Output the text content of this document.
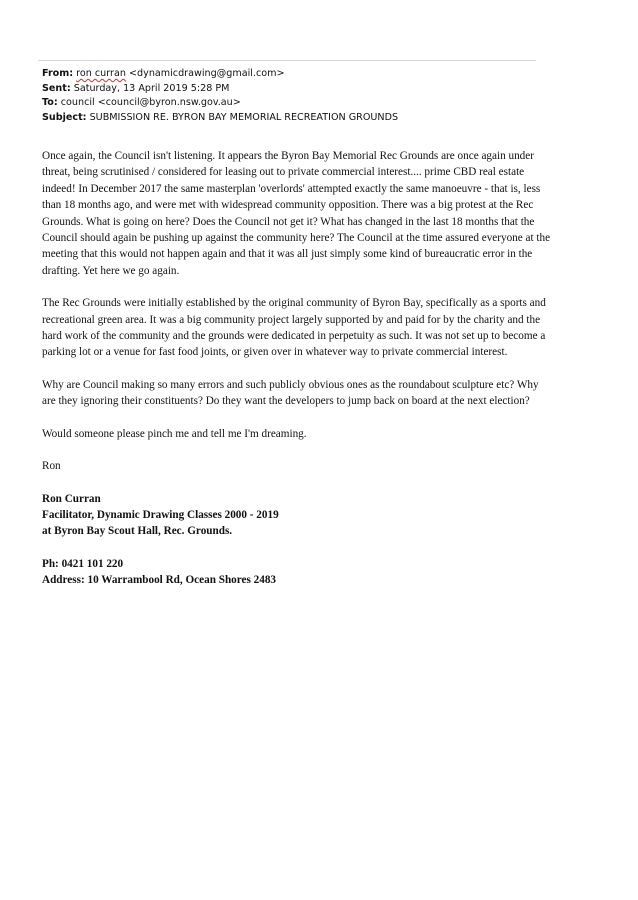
From: ron curran <dynamicdrawing@gmail.com>
Sent: Saturday, 13 April 2019 5:28 PM
To: council <council@byron.nsw.gov.au>
Subject: SUBMISSION RE. BYRON BAY MEMORIAL RECREATION GROUNDS

Once again, the Council isn't listening. It appears the Byron Bay Memorial Rec Grounds are once again under
threat, being scrutinised / considered for leasing out to private commercial interest.... prime CBD real estate
indeed! In December 2017 the same masterplan 'overlords' attempted exactly the same manoeuvre - that is, less
than 18 months ago, and were met with widespread community opposition. There was a big protest at the Rec
Grounds. What is going on here? Does the Council not get it? What has changed in the last 18 months that the
Council should again be pushing up against the community here? The Council at the time assured everyone at the
meeting that this would not happen again and that it was all just simply some kind of bureaucratic error in the
drafting. Yet here we go again.

The Rec Grounds were initially established by the original community of Byron Bay, specifically as a sports and
recreational green area. It was a big community project largely supported by and paid for by the charity and the
hard work of the community and the grounds were dedicated in perpetuity as such. It was not set up to become a
parking lot or a venue for fast food joints, or given over in whatever way to private commercial interest.

Why are Council making so many errors and such publicly obvious ones as the roundabout sculpture etc? Why
are they ignoring their constituents? Do they want the developers to jump back on board at the next election?

Would someone please pinch me and tell me I'm dreaming.

Ron

Ron Curran
Facilitator, Dynamic Drawing Classes 2000 - 2019
at Byron Bay Scout Hall, Rec. Grounds.

Ph: 0421 101 220
Address: 10 Warrambool Rd, Ocean Shores 2483
